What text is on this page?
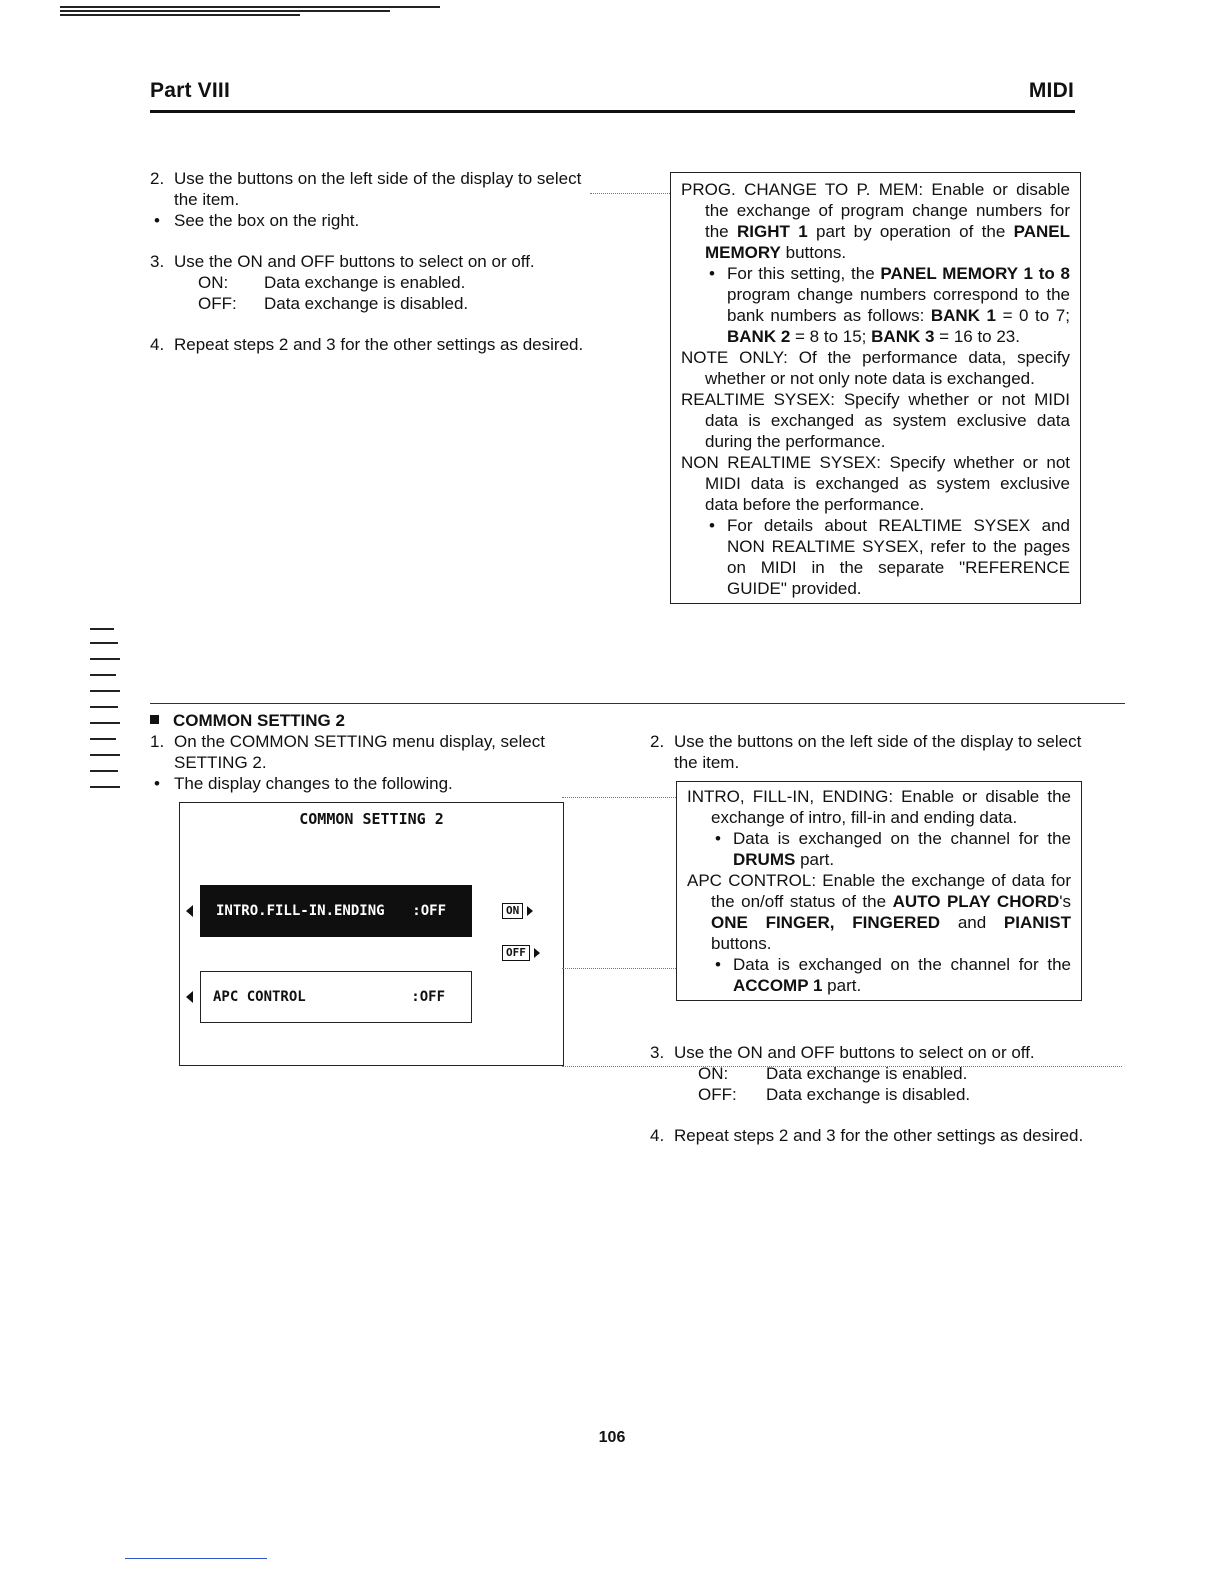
Part VIII	MIDI

2. Use the buttons on the left side of the display to select the item.

• See the box on the right.

3. Use the ON and OFF buttons to select on or off.

ON: Data exchange is enabled.

OFF: Data exchange is disabled.

4. Repeat steps 2 and 3 for the other settings as desired.

PROG. CHANGE TO P. MEM: Enable or disable the exchange of program change numbers for the RIGHT 1 part by operation of the PANEL MEMORY buttons.

• For this setting, the PANEL MEMORY 1 to 8 program change numbers correspond to the bank numbers as follows: BANK 1 = 0 to 7; BANK 2 = 8 to 15; BANK 3 = 16 to 23.

NOTE ONLY: Of the performance data, specify whether or not only note data is exchanged.

REALTIME SYSEX: Specify whether or not MIDI data is exchanged as system exclusive data during the performance.

NON REALTIME SYSEX: Specify whether or not MIDI data is exchanged as system exclusive data before the performance.

• For details about REALTIME SYSEX and NON REALTIME SYSEX, refer to the pages on MIDI in the separate "REFERENCE GUIDE" provided.

COMMON SETTING 2

1. On the COMMON SETTING menu display, select SETTING 2.

• The display changes to the following.

COMMON SETTING 2
INTRO.FILL-IN.ENDING :OFF
APC CONTROL	:OFF
ON
OFF

2. Use the buttons on the left side of the display to select the item.

INTRO, FILL-IN, ENDING: Enable or disable the exchange of intro, fill-in and ending data.

• Data is exchanged on the channel for the DRUMS part.

APC CONTROL: Enable the exchange of data for the on/off status of the AUTO PLAY CHORD's ONE FINGER, FINGERED and PIANIST buttons.

• Data is exchanged on the channel for the ACCOMP 1 part.

3. Use the ON and OFF buttons to select on or off.

ON: Data exchange is enabled.

OFF: Data exchange is disabled.

4. Repeat steps 2 and 3 for the other settings as desired.

106
